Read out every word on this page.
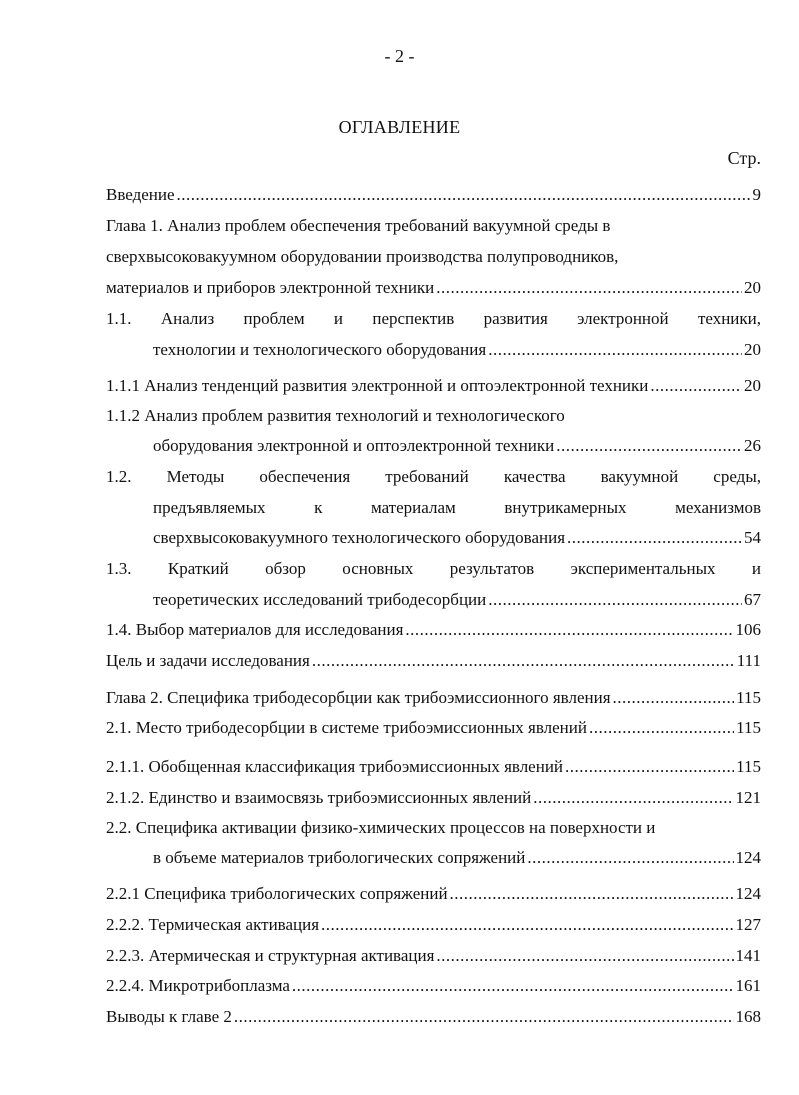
- 2 -
ОГЛАВЛЕНИЕ
Стр.
Введение .....	9
Глава 1. Анализ проблем обеспечения требований вакуумной среды в
сверхвысоковакуумном оборудовании производства полупроводников,
материалов и приборов электронной техники .....	20
1.1. Анализ проблем и перспектив развития электронной техники,
технологии и технологического оборудования .....	20
1.1.1 Анализ тенденций развития электронной и оптоэлектронной техники .....	20
1.1.2 Анализ проблем развития технологий и технологического
оборудования электронной и оптоэлектронной техники .....	26
1.2. Методы обеспечения требований качества вакуумной среды,
предъявляемых к материалам внутрикамерных механизмов
сверхвысоковакуумного технологического оборудования .....	54
1.3. Краткий обзор основных результатов экспериментальных и
теоретических исследований трибодесорбции .....	67
1.4. Выбор материалов для исследования .....	106
Цель и задачи исследования .....	111
Глава 2. Специфика трибодесорбции как трибоэмиссионного явления .....	115
2.1. Место трибодесорбции в системе трибоэмиссионных явлений .....	115
2.1.1. Обобщенная классификация трибоэмиссионных явлений .....	115
2.1.2. Единство и взаимосвязь трибоэмиссионных явлений .....	121
2.2. Специфика активации физико-химических процессов на поверхности и
в объеме материалов трибологических сопряжений .....	124
2.2.1 Специфика трибологических сопряжений .....	124
2.2.2. Термическая активация .....	127
2.2.3. Атермическая и структурная активация .....	141
2.2.4. Микротрибоплазма .....	161
Выводы к главе 2 .....	168
